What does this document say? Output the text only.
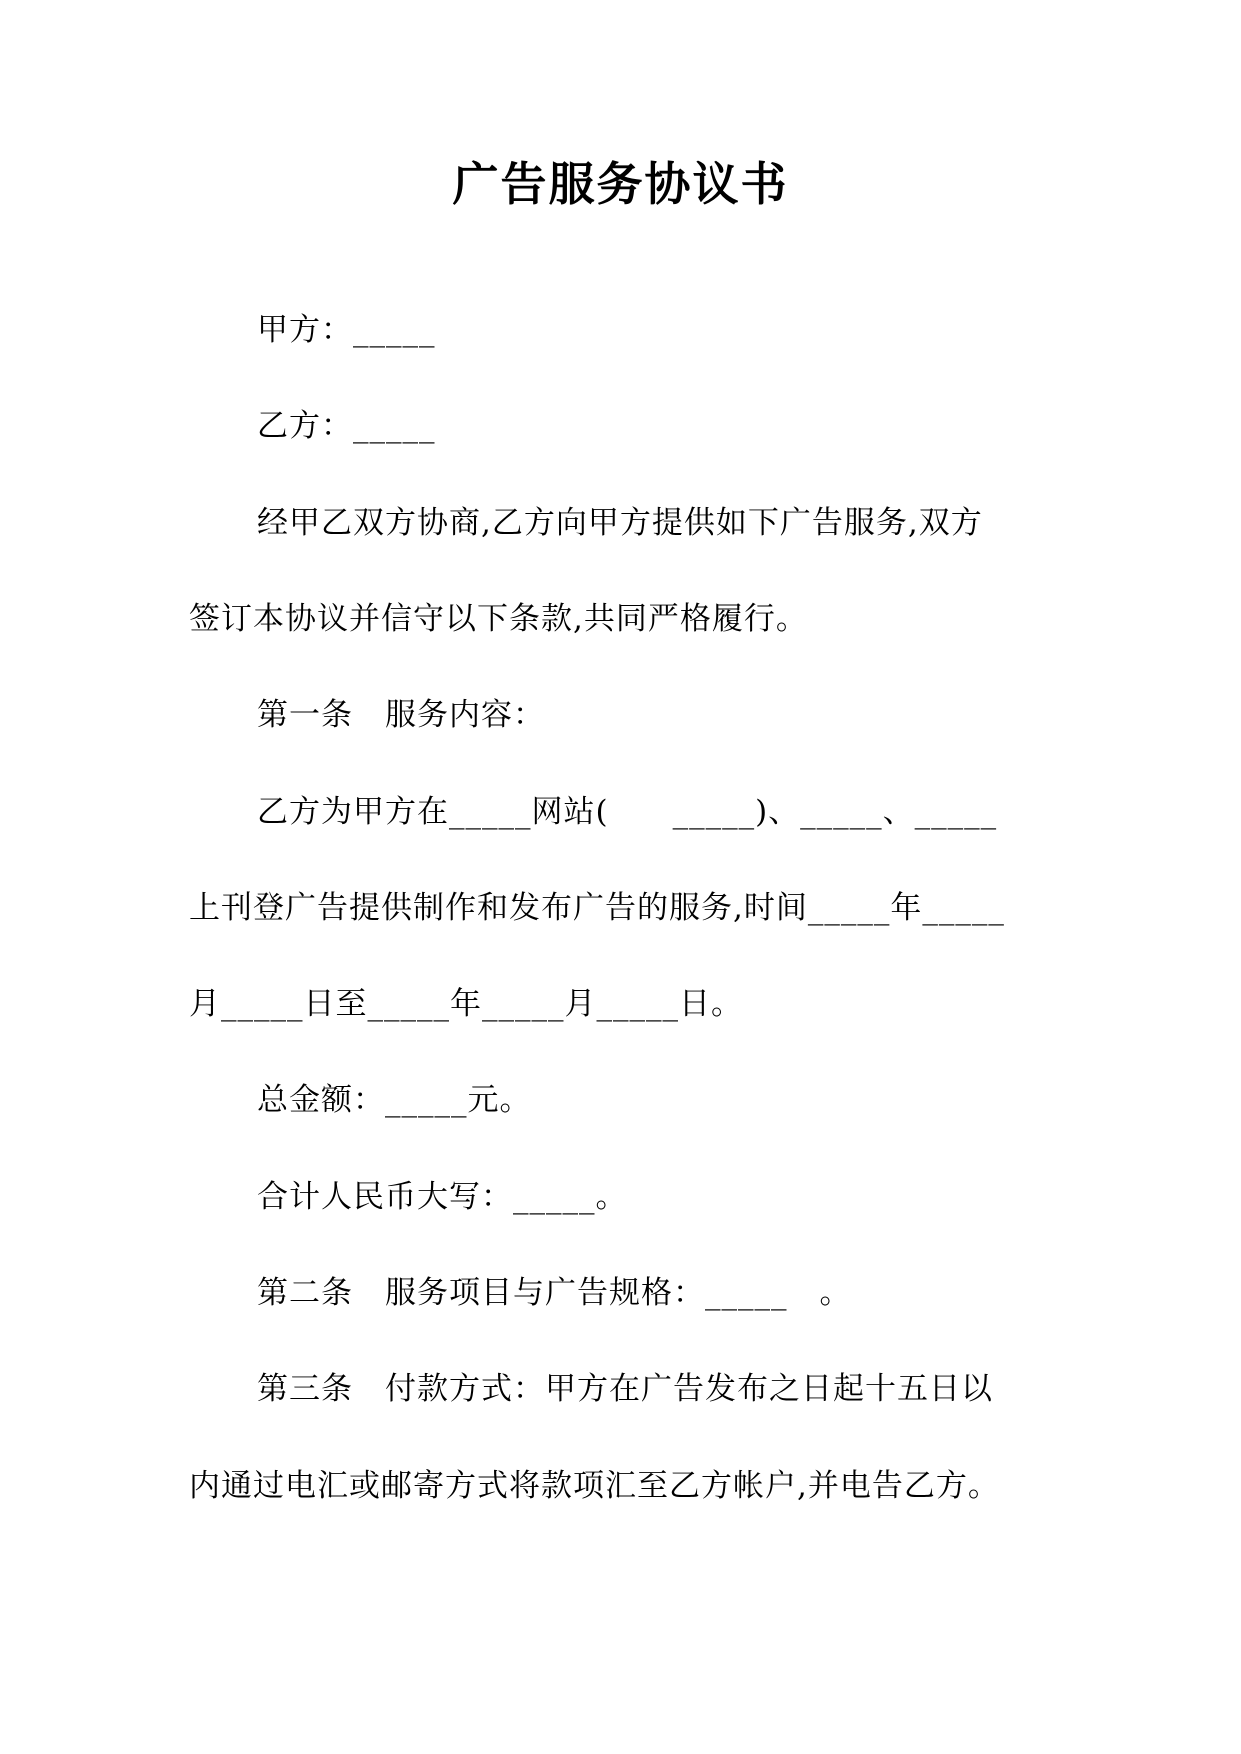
广告服务协议书

甲方：_____

乙方：_____

经甲乙双方协商,乙方向甲方提供如下广告服务,双方

签订本协议并信守以下条款,共同严格履行。

第一条　服务内容：

乙方为甲方在_____网站(　　_____)、_____、_____

上刊登广告提供制作和发布广告的服务,时间_____年_____

月_____日至_____年_____月_____日。

总金额：_____元。

合计人民币大写：_____。

第二条　服务项目与广告规格：_____　。

第三条　付款方式：甲方在广告发布之日起十五日以

内通过电汇或邮寄方式将款项汇至乙方帐户,并电告乙方。
